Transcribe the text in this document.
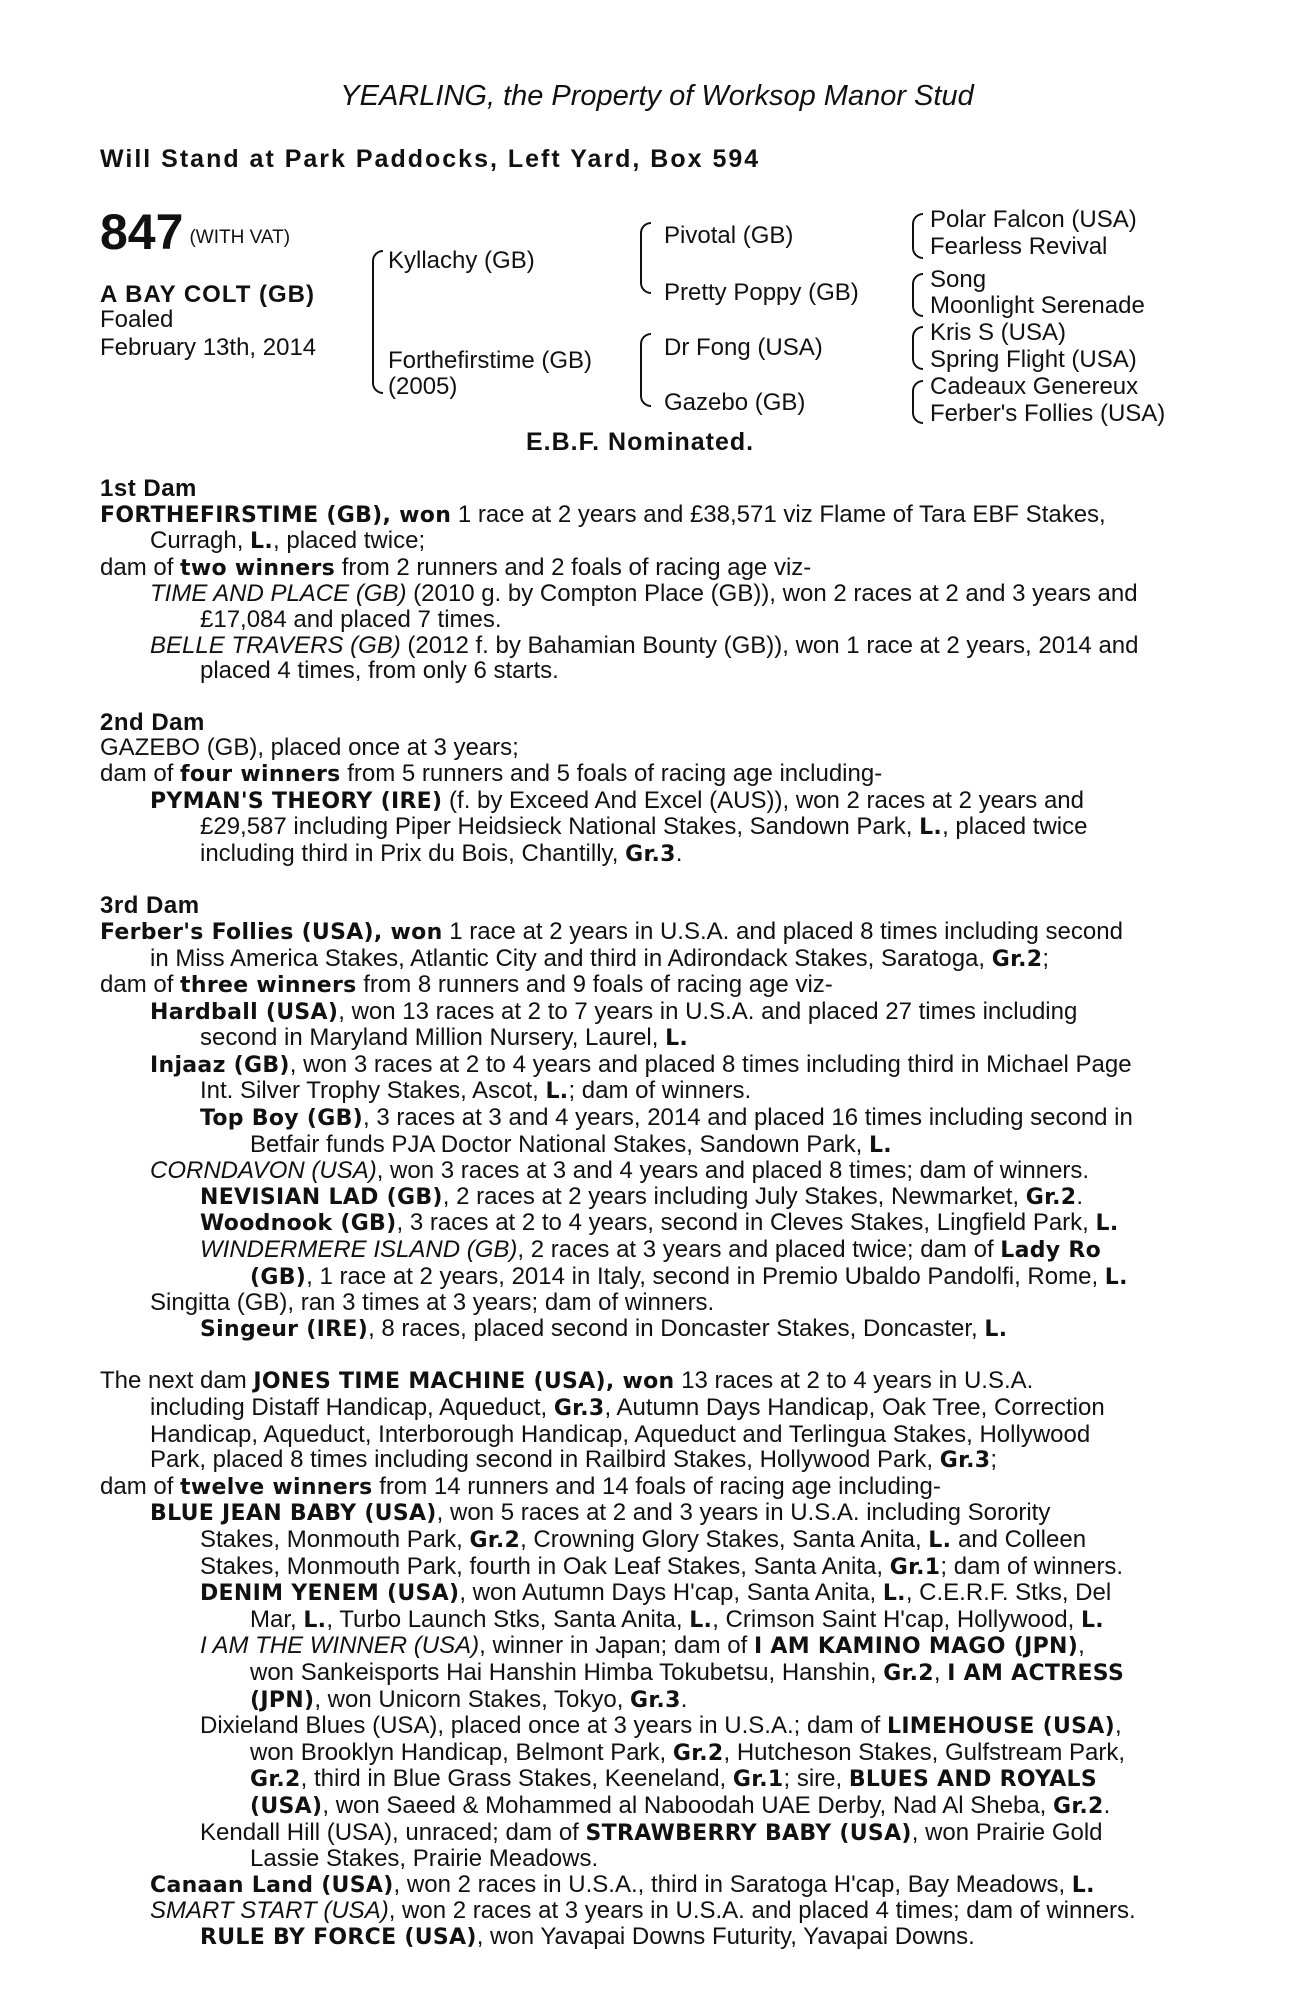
YEARLING, the Property of Worksop Manor Stud
Will Stand at Park Paddocks, Left Yard, Box 594
847 (WITH VAT)
A BAY COLT (GB)
Foaled
February 13th, 2014
Kyllachy (GB)
Forthefirstime (GB)
(2005)
Pivotal (GB)
Pretty Poppy (GB)
Dr Fong (USA)
Gazebo (GB)
Polar Falcon (USA)
Fearless Revival
Song
Moonlight Serenade
Kris S (USA)
Spring Flight (USA)
Cadeaux Genereux
Ferber's Follies (USA)
E.B.F. Nominated.

1st Dam

FORTHEFIRSTIME (GB), won 1 race at 2 years and £38,571 viz Flame of Tara EBF Stakes,

Curragh, L., placed twice;

dam of two winners from 2 runners and 2 foals of racing age viz-

TIME AND PLACE (GB) (2010 g. by Compton Place (GB)), won 2 races at 2 and 3 years and

£17,084 and placed 7 times.

BELLE TRAVERS (GB) (2012 f. by Bahamian Bounty (GB)), won 1 race at 2 years, 2014 and

placed 4 times, from only 6 starts.

2nd Dam

GAZEBO (GB), placed once at 3 years;

dam of four winners from 5 runners and 5 foals of racing age including-

PYMAN'S THEORY (IRE) (f. by Exceed And Excel (AUS)), won 2 races at 2 years and

£29,587 including Piper Heidsieck National Stakes, Sandown Park, L., placed twice

including third in Prix du Bois, Chantilly, Gr.3.

3rd Dam

Ferber's Follies (USA), won 1 race at 2 years in U.S.A. and placed 8 times including second

in Miss America Stakes, Atlantic City and third in Adirondack Stakes, Saratoga, Gr.2;

dam of three winners from 8 runners and 9 foals of racing age viz-

Hardball (USA), won 13 races at 2 to 7 years in U.S.A. and placed 27 times including

second in Maryland Million Nursery, Laurel, L.

Injaaz (GB), won 3 races at 2 to 4 years and placed 8 times including third in Michael Page

Int. Silver Trophy Stakes, Ascot, L.; dam of winners.

Top Boy (GB), 3 races at 3 and 4 years, 2014 and placed 16 times including second in

Betfair funds PJA Doctor National Stakes, Sandown Park, L.

CORNDAVON (USA), won 3 races at 3 and 4 years and placed 8 times; dam of winners.

NEVISIAN LAD (GB), 2 races at 2 years including July Stakes, Newmarket, Gr.2.

Woodnook (GB), 3 races at 2 to 4 years, second in Cleves Stakes, Lingfield Park, L.

WINDERMERE ISLAND (GB), 2 races at 3 years and placed twice; dam of Lady Ro

(GB), 1 race at 2 years, 2014 in Italy, second in Premio Ubaldo Pandolfi, Rome, L.

Singitta (GB), ran 3 times at 3 years; dam of winners.

Singeur (IRE), 8 races, placed second in Doncaster Stakes, Doncaster, L.

The next dam JONES TIME MACHINE (USA), won 13 races at 2 to 4 years in U.S.A.

including Distaff Handicap, Aqueduct, Gr.3, Autumn Days Handicap, Oak Tree, Correction

Handicap, Aqueduct, Interborough Handicap, Aqueduct and Terlingua Stakes, Hollywood

Park, placed 8 times including second in Railbird Stakes, Hollywood Park, Gr.3;

dam of twelve winners from 14 runners and 14 foals of racing age including-

BLUE JEAN BABY (USA), won 5 races at 2 and 3 years in U.S.A. including Sorority

Stakes, Monmouth Park, Gr.2, Crowning Glory Stakes, Santa Anita, L. and Colleen

Stakes, Monmouth Park, fourth in Oak Leaf Stakes, Santa Anita, Gr.1; dam of winners.

DENIM YENEM (USA), won Autumn Days H'cap, Santa Anita, L., C.E.R.F. Stks, Del

Mar, L., Turbo Launch Stks, Santa Anita, L., Crimson Saint H'cap, Hollywood, L.

I AM THE WINNER (USA), winner in Japan; dam of I AM KAMINO MAGO (JPN),

won Sankeisports Hai Hanshin Himba Tokubetsu, Hanshin, Gr.2, I AM ACTRESS

(JPN), won Unicorn Stakes, Tokyo, Gr.3.

Dixieland Blues (USA), placed once at 3 years in U.S.A.; dam of LIMEHOUSE (USA),

won Brooklyn Handicap, Belmont Park, Gr.2, Hutcheson Stakes, Gulfstream Park,

Gr.2, third in Blue Grass Stakes, Keeneland, Gr.1; sire, BLUES AND ROYALS

(USA), won Saeed & Mohammed al Naboodah UAE Derby, Nad Al Sheba, Gr.2.

Kendall Hill (USA), unraced; dam of STRAWBERRY BABY (USA), won Prairie Gold

Lassie Stakes, Prairie Meadows.

Canaan Land (USA), won 2 races in U.S.A., third in Saratoga H'cap, Bay Meadows, L.

SMART START (USA), won 2 races at 3 years in U.S.A. and placed 4 times; dam of winners.

RULE BY FORCE (USA), won Yavapai Downs Futurity, Yavapai Downs.
